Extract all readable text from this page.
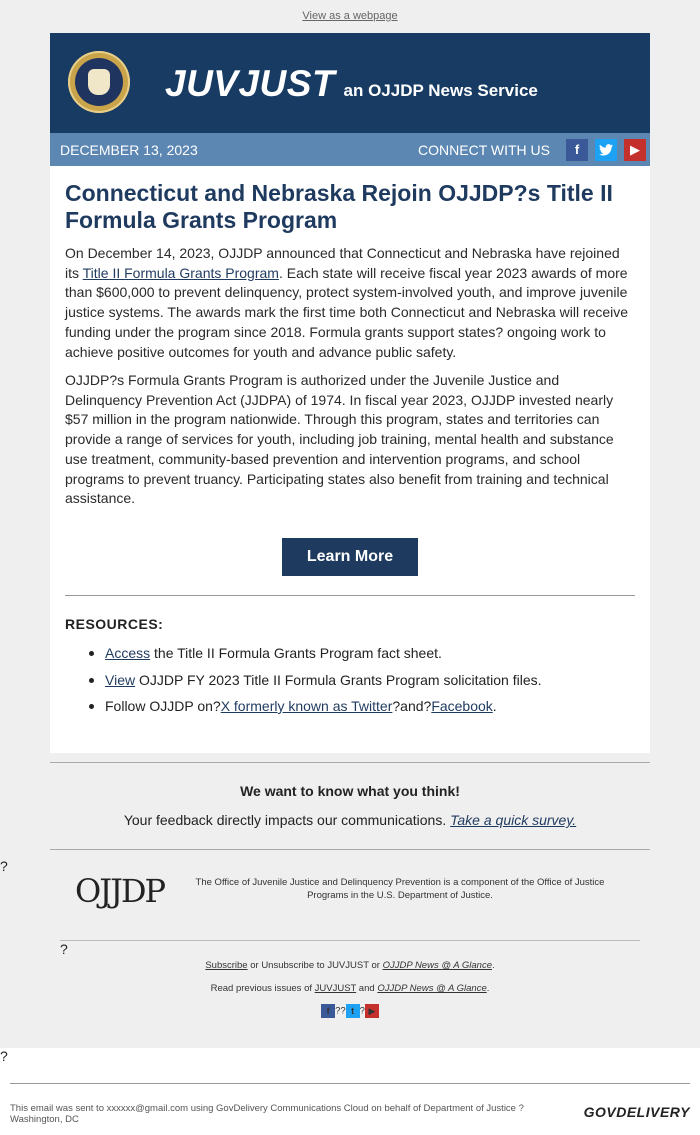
View as a webpage
JUVJUST an OJJDP News Service
DECEMBER 13, 2023	CONNECT WITH US	f	▶
Connecticut and Nebraska Rejoin OJJDP?s Title II Formula Grants Program

On December 14, 2023, OJJDP announced that Connecticut and Nebraska have rejoined its Title II Formula Grants Program. Each state will receive fiscal year 2023 awards of more than $600,000 to prevent delinquency, protect system-involved youth, and improve juvenile justice systems. The awards mark the first time both Connecticut and Nebraska will receive funding under the program since 2018. Formula grants support states? ongoing work to achieve positive outcomes for youth and advance public safety.

OJJDP?s Formula Grants Program is authorized under the Juvenile Justice and Delinquency Prevention Act (JJDPA) of 1974. In fiscal year 2023, OJJDP invested nearly $57 million in the program nationwide. Through this program, states and territories can provide a range of services for youth, including job training, mental health and substance use treatment, community-based prevention and intervention programs, and school programs to prevent truancy. Participating states also benefit from training and technical assistance.

Learn More
RESOURCES:
Access the Title II Formula Grants Program fact sheet.
View OJJDP FY 2023 Title II Formula Grants Program solicitation files.
Follow OJJDP on?X formerly known as Twitter?and?Facebook.
We want to know what you think!
Your feedback directly impacts our communications. Take a quick survey.
?
OJJDP	The Office of Juvenile Justice and Delinquency Prevention is a component of the Office of Justice Programs in the U.S. Department of Justice.
?
Subscribe or Unsubscribe to JUVJUST or OJJDP News @ A Glance.
Read previous issues of JUVJUST and OJJDP News @ A Glance.
f ?? t ? ▶
?
This email was sent to xxxxxx@gmail.com using GovDelivery Communications Cloud on behalf of Department of Justice ? Washington, DC	GOVDELIVERY
